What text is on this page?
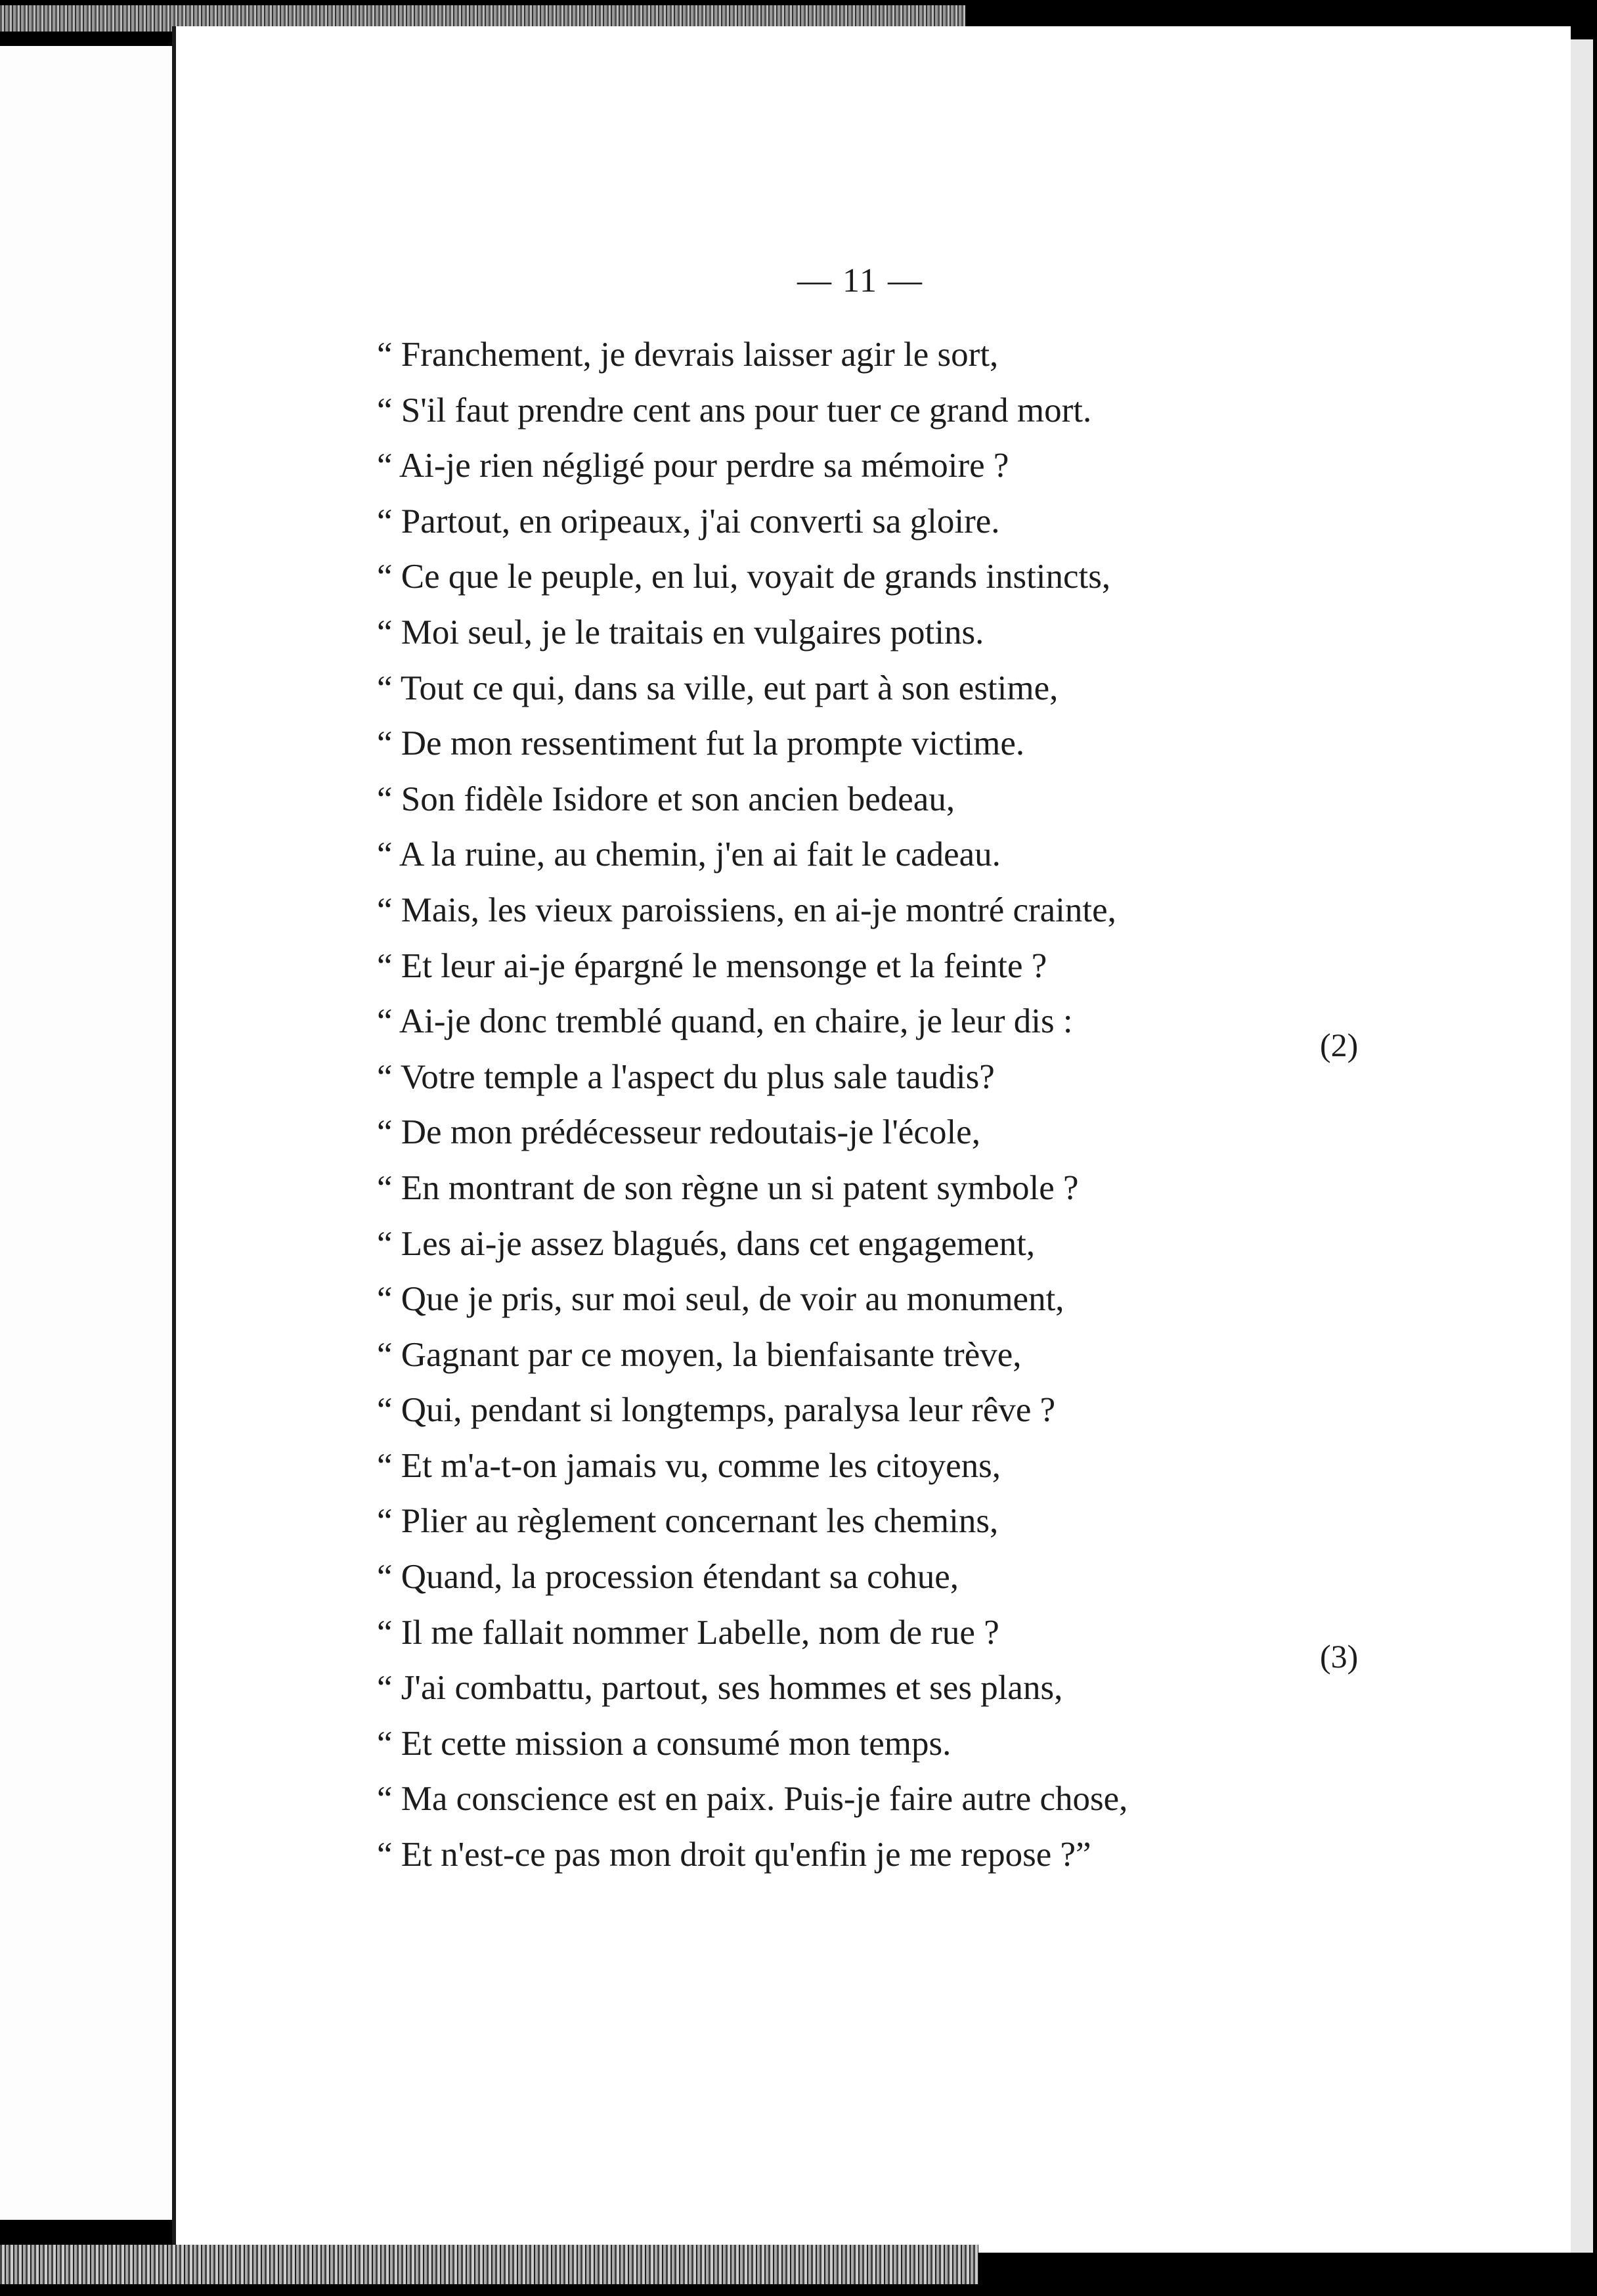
— 11 —
“ Franchement, je devrais laisser agir le sort,
“ S'il faut prendre cent ans pour tuer ce grand mort.
“ Ai-je rien négligé pour perdre sa mémoire ?
“ Partout, en oripeaux, j'ai converti sa gloire.
“ Ce que le peuple, en lui, voyait de grands instincts,
“ Moi seul, je le traitais en vulgaires potins.
“ Tout ce qui, dans sa ville, eut part à son estime,
“ De mon ressentiment fut la prompte victime.
“ Son fidèle Isidore et son ancien bedeau,
“ A la ruine, au chemin, j'en ai fait le cadeau.
“ Mais, les vieux paroissiens, en ai-je montré crainte,
“ Et leur ai-je épargné le mensonge et la feinte ?
“ Ai-je donc tremblé quand, en chaire, je leur dis :
“ Votre temple a l'aspect du plus sale taudis?
“ De mon prédécesseur redoutais-je l'école,
“ En montrant de son règne un si patent symbole ?
“ Les ai-je assez blagués, dans cet engagement,
“ Que je pris, sur moi seul, de voir au monument,
“ Gagnant par ce moyen, la bienfaisante trève,
“ Qui, pendant si longtemps, paralysa leur rêve ?
“ Et m'a-t-on jamais vu, comme les citoyens,
“ Plier au règlement concernant les chemins,
“ Quand, la procession étendant sa cohue,
“ Il me fallait nommer Labelle, nom de rue ?
“ J'ai combattu, partout, ses hommes et ses plans,
“ Et cette mission a consumé mon temps.
“ Ma conscience est en paix. Puis-je faire autre chose,
“ Et n'est-ce pas mon droit qu'enfin je me repose ?”
(2)
(3)
